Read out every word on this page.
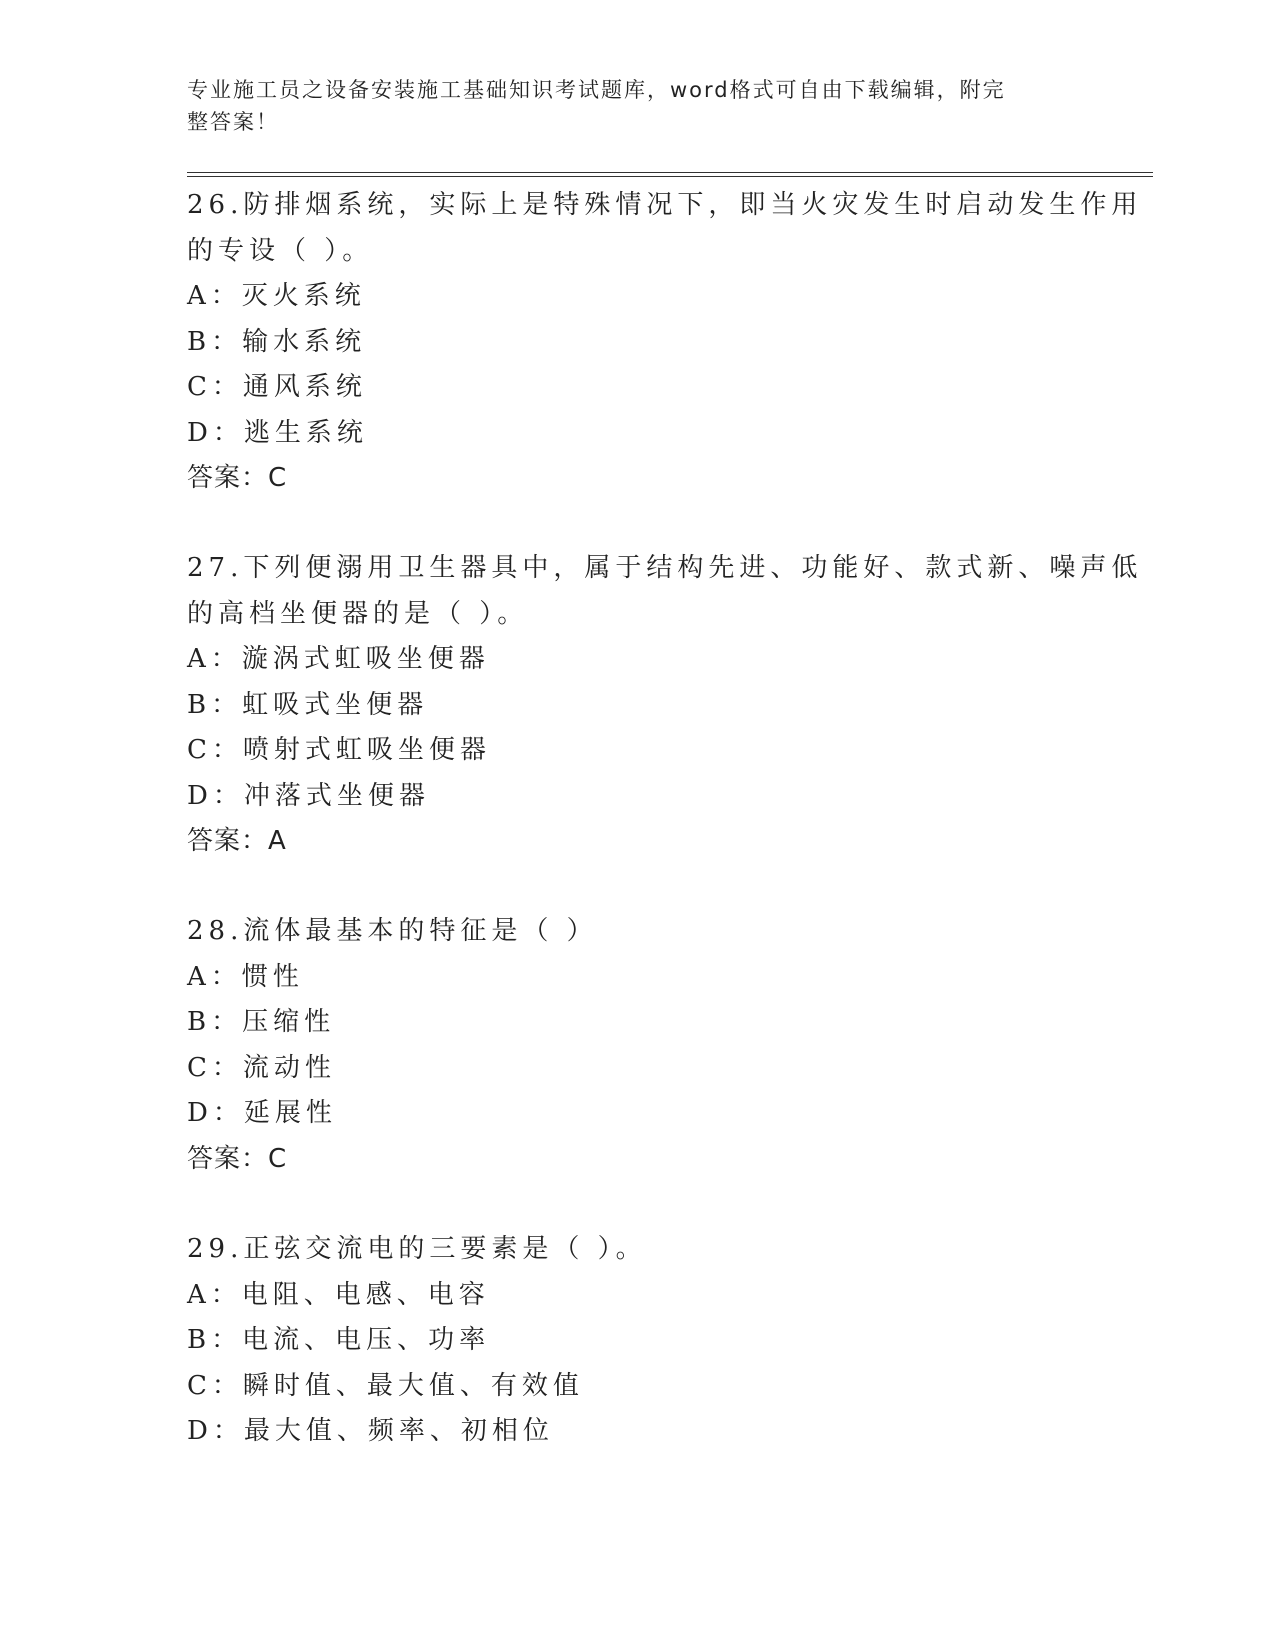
专业施工员之设备安装施工基础知识考试题库，word格式可自由下载编辑，附完
整答案！
26.防排烟系统，实际上是特殊情况下，即当火灾发生时启动发生作用
的专设（ ）。
A：灭火系统
B：输水系统
C：通风系统
D：逃生系统
答案：C
27.下列便溺用卫生器具中，属于结构先进、功能好、款式新、噪声低
的高档坐便器的是（ ）。
A：漩涡式虹吸坐便器
B：虹吸式坐便器
C：喷射式虹吸坐便器
D：冲落式坐便器
答案：A
28.流体最基本的特征是（ ）
A：惯性
B：压缩性
C：流动性
D：延展性
答案：C
29.正弦交流电的三要素是（ ）。
A：电阻、电感、电容
B：电流、电压、功率
C：瞬时值、最大值、有效值
D：最大值、频率、初相位
